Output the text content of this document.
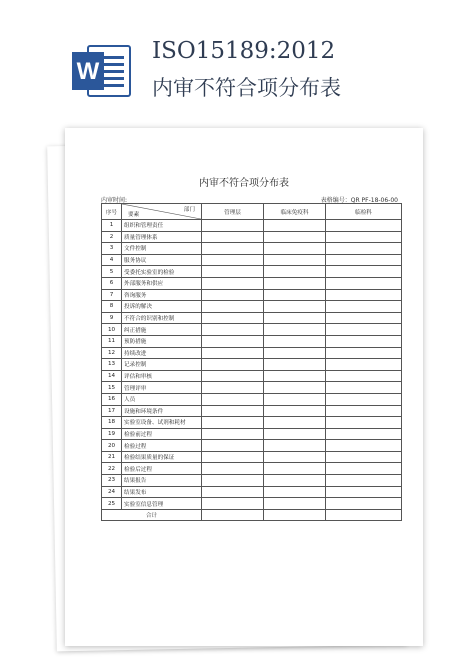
W
ISO15189:2012
内审不符合项分布表
内审不符合项分布表
内审时间:	表格编号：QR PF-18-06-00
序号	部门
要素	管理层	临床免疫科	临检科
1	组织和管理责任			
2	质量管理体系			
3	文件控制			
4	服务协议			
5	受委托实验室的检验			
6	外部服务和供应			
7	咨询服务			
8	投诉的解决			
9	不符合的识别和控制			
10	纠正措施			
11	预防措施			
12	持续改进			
13	记录控制			
14	评估和审核			
15	管理评审			
16	人员			
17	设施和环境条件			
18	实验室设备、试剂和耗材			
19	检验前过程			
20	检验过程			
21	检验结果质量的保证			
22	检验后过程			
23	结果报告			
24	结果发布			
25	实验室信息管理			
合计				
